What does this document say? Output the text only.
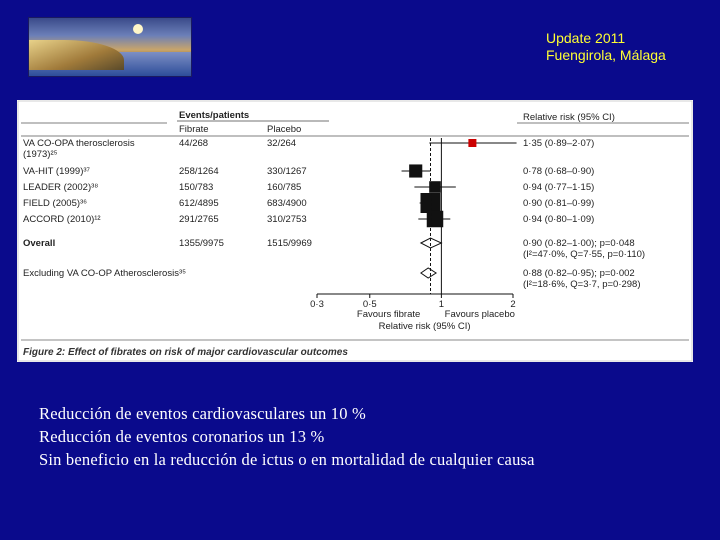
Update 2011
Fuengirola, Málaga
Figure 2: Effect of fibrates on risk of major cardiovascular outcomes
Events/patients
Fibrate	Placebo
Relative risk (95% CI)
VA CO-OPA therosclerosis
(1973)²⁵
44/268	32/264	1·35 (0·89–2·07)
VA-HIT (1999)³⁷	258/1264	330/1267	0·78 (0·68–0·90)
LEADER (2002)³⁸	150/783	160/785	0·94 (0·77–1·15)
FIELD (2005)³⁶	612/4895	683/4900	0·90 (0·81–0·99)
ACCORD (2010)¹²	291/2765	310/2753	0·94 (0·80–1·09)
Overall	1355/9975	1515/9969	0·90 (0·82–1·00); p=0·048
(I²=47·0%, Q=7·55, p=0·110)
Excluding VA CO-OP Atherosclerosis³⁵	0·88 (0·82–0·95); p=0·002
(I²=18·6%, Q=3·7, p=0·298)
0·3	0·5	1	2
Favours fibrate	Favours placebo
Relative risk (95% CI)
Reducción de eventos cardiovasculares un 10 %
Reducción de eventos coronarios un 13 %
Sin beneficio en la reducción de ictus o en mortalidad de cualquier causa
